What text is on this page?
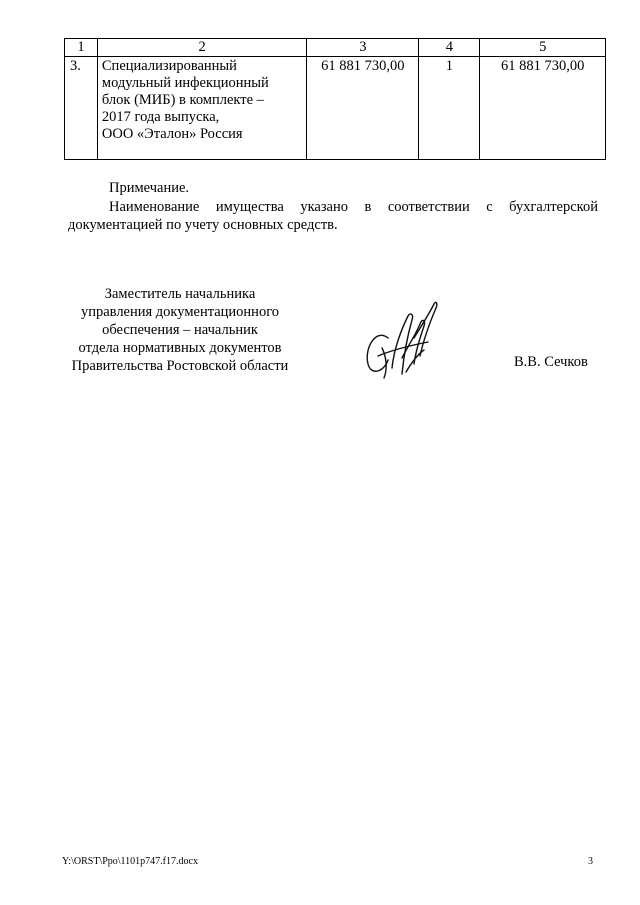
1	2	3	4	5
3.	Специализированный
модульный инфекционный
блок (МИБ) в комплекте –
2017 года выпуска,
ООО «Эталон» Россия	61 881 730,00	1	61 881 730,00
Примечание.
Наименование имущества указано в соответствии с бухгалтерской документацией по учету основных средств.
Заместитель начальника
управления документационного
обеспечения – начальник
отдела нормативных документов
Правительства Ростовской области	В.В. Сечков
Y:\ORST\Ppo\1101p747.f17.docx	3
